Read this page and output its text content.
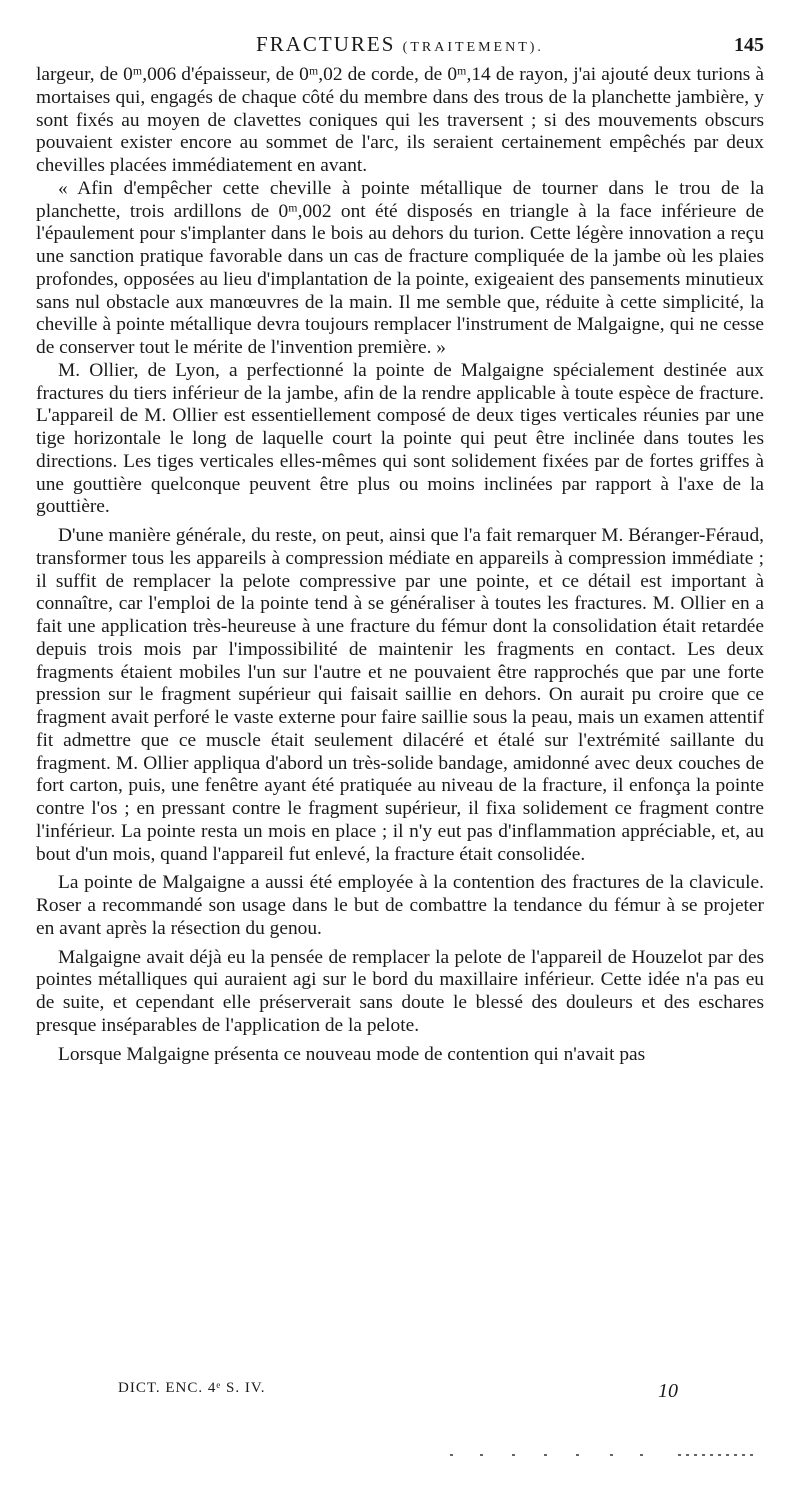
FRACTURES (TRAITEMENT).	145

largeur, de 0ᵐ,006 d'épaisseur, de 0ᵐ,02 de corde, de 0ᵐ,14 de rayon, j'ai ajouté deux turions à mortaises qui, engagés de chaque côté du membre dans des trous de la planchette jambière, y sont fixés au moyen de clavettes coniques qui les traversent ; si des mouvements obscurs pouvaient exister encore au sommet de l'arc, ils seraient certainement empêchés par deux chevilles placées immédiatement en avant.

« Afin d'empêcher cette cheville à pointe métallique de tourner dans le trou de la planchette, trois ardillons de 0ᵐ,002 ont été disposés en triangle à la face inférieure de l'épaulement pour s'implanter dans le bois au dehors du turion. Cette légère innovation a reçu une sanction pratique favorable dans un cas de fracture compliquée de la jambe où les plaies profondes, opposées au lieu d'implantation de la pointe, exigeaient des pansements minutieux sans nul obstacle aux manœuvres de la main. Il me semble que, réduite à cette simplicité, la cheville à pointe métallique devra toujours remplacer l'instrument de Malgaigne, qui ne cesse de conserver tout le mérite de l'invention première. »

M. Ollier, de Lyon, a perfectionné la pointe de Malgaigne spécialement destinée aux fractures du tiers inférieur de la jambe, afin de la rendre applicable à toute espèce de fracture. L'appareil de M. Ollier est essentiellement composé de deux tiges verticales réunies par une tige horizontale le long de laquelle court la pointe qui peut être inclinée dans toutes les directions. Les tiges verticales elles-mêmes qui sont solidement fixées par de fortes griffes à une gouttière quelconque peuvent être plus ou moins inclinées par rapport à l'axe de la gouttière.

D'une manière générale, du reste, on peut, ainsi que l'a fait remarquer M. Béranger-Féraud, transformer tous les appareils à compression médiate en appareils à compression immédiate ; il suffit de remplacer la pelote compressive par une pointe, et ce détail est important à connaître, car l'emploi de la pointe tend à se généraliser à toutes les fractures. M. Ollier en a fait une application très-heureuse à une fracture du fémur dont la consolidation était retardée depuis trois mois par l'impossibilité de maintenir les fragments en contact. Les deux fragments étaient mobiles l'un sur l'autre et ne pouvaient être rapprochés que par une forte pression sur le fragment supérieur qui faisait saillie en dehors. On aurait pu croire que ce fragment avait perforé le vaste externe pour faire saillie sous la peau, mais un examen attentif fit admettre que ce muscle était seulement dilacéré et étalé sur l'extrémité saillante du fragment. M. Ollier appliqua d'abord un très-solide bandage, amidonné avec deux couches de fort carton, puis, une fenêtre ayant été pratiquée au niveau de la fracture, il enfonça la pointe contre l'os ; en pressant contre le fragment supérieur, il fixa solidement ce fragment contre l'inférieur. La pointe resta un mois en place ; il n'y eut pas d'inflammation appréciable, et, au bout d'un mois, quand l'appareil fut enlevé, la fracture était consolidée.

La pointe de Malgaigne a aussi été employée à la contention des fractures de la clavicule. Roser a recommandé son usage dans le but de combattre la tendance du fémur à se projeter en avant après la résection du genou.

Malgaigne avait déjà eu la pensée de remplacer la pelote de l'appareil de Houzelot par des pointes métalliques qui auraient agi sur le bord du maxillaire inférieur. Cette idée n'a pas eu de suite, et cependant elle préserverait sans doute le blessé des douleurs et des eschares presque inséparables de l'application de la pelote.

Lorsque Malgaigne présenta ce nouveau mode de contention qui n'avait pas

DICT. ENC. 4ᵉ S. IV.	10
